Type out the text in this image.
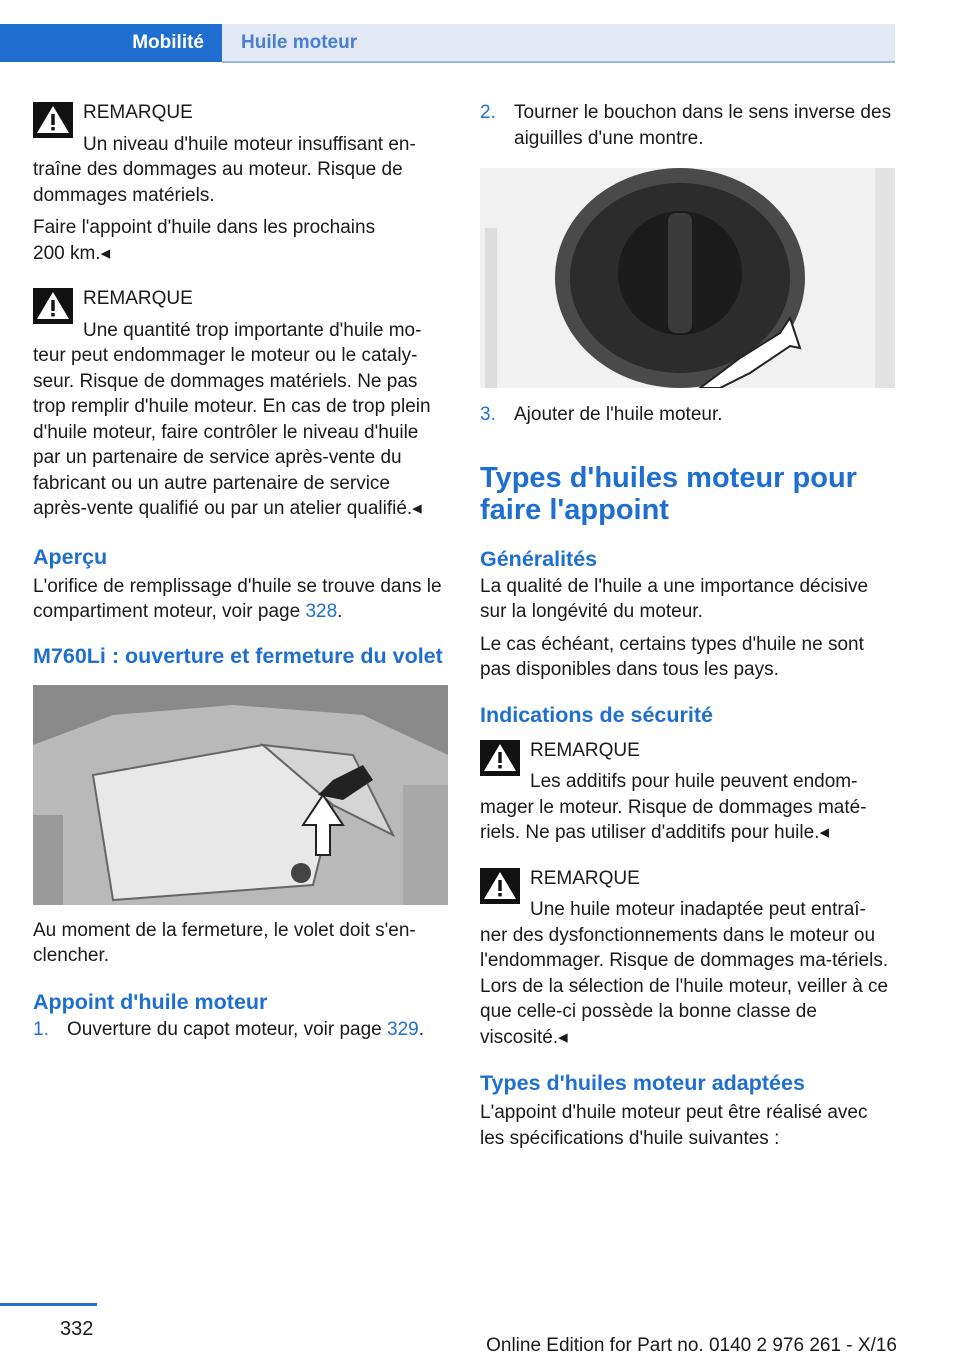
Mobilité	Huile moteur

REMARQUE

Un niveau d'huile moteur insuffisant en-

traîne des dommages au moteur. Risque de dommages matériels.

Faire l'appoint d'huile dans les prochains 200 km.◂

REMARQUE

Une quantité trop importante d'huile mo-

teur peut endommager le moteur ou le cataly-seur. Risque de dommages matériels. Ne pas trop remplir d'huile moteur. En cas de trop plein d'huile moteur, faire contrôler le niveau d'huile par un partenaire de service après-vente du fabricant ou un autre partenaire de service après-vente qualifié ou par un atelier qualifié.◂

Aperçu

L'orifice de remplissage d'huile se trouve dans le compartiment moteur, voir page 328.

M760Li : ouverture et fermeture du volet

Au moment de la fermeture, le volet doit s'en-clencher.

Appoint d'huile moteur

1. Ouverture du capot moteur, voir page 329.

2. Tourner le bouchon dans le sens inverse des aiguilles d'une montre.

3. Ajouter de l'huile moteur.

Types d'huiles moteur pour faire l'appoint
Généralités

La qualité de l'huile a une importance décisive sur la longévité du moteur.

Le cas échéant, certains types d'huile ne sont pas disponibles dans tous les pays.

Indications de sécurité

REMARQUE

Les additifs pour huile peuvent endom-

mager le moteur. Risque de dommages maté-riels. Ne pas utiliser d'additifs pour huile.◂

REMARQUE

Une huile moteur inadaptée peut entraî-

ner des dysfonctionnements dans le moteur ou l'endommager. Risque de dommages ma-tériels. Lors de la sélection de l'huile moteur, veiller à ce que celle-ci possède la bonne classe de viscosité.◂

Types d'huiles moteur adaptées

L'appoint d'huile moteur peut être réalisé avec les spécifications d'huile suivantes :

332
Online Edition for Part no. 0140 2 976 261 - X/16
